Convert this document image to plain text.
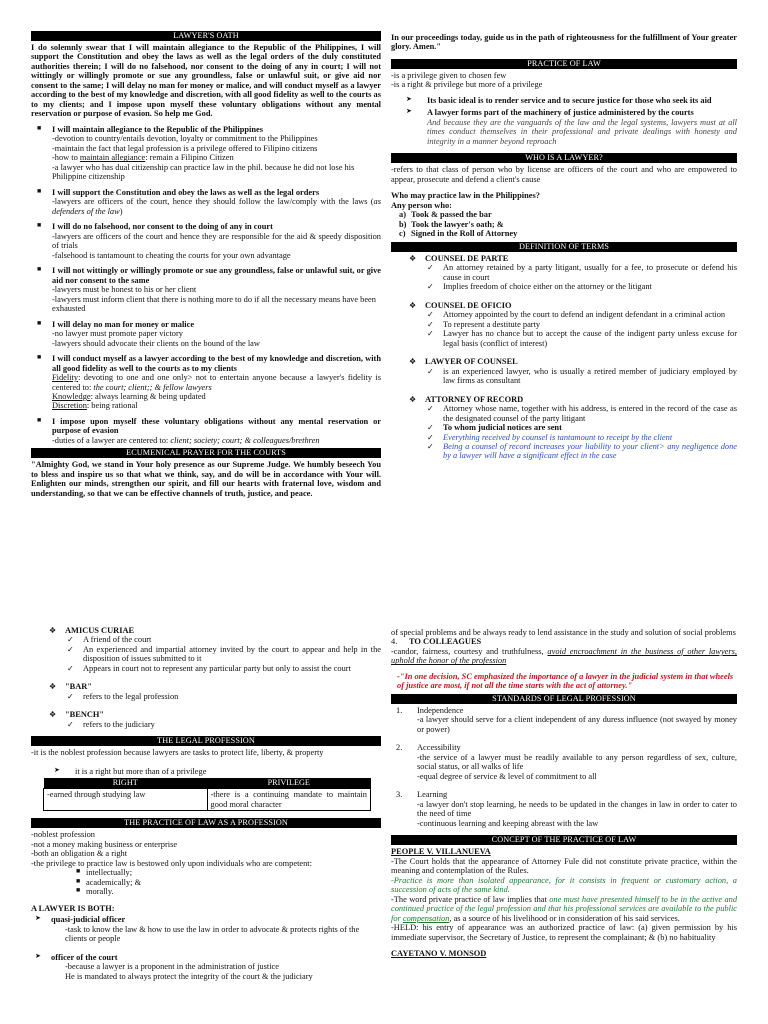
LAWYER'S OATH
I do solemnly swear that I will maintain allegiance to the Republic of the Philippines, I will support the Constitution and obey the laws as well as the legal orders of the duly constituted authorities therein; I will do no falsehood, nor consent to the doing of any in court; I will not wittingly or willingly promote or sue any groundless, false or unlawful suit, or give aid nor consent to the same; I will delay no man for money or malice, and will conduct myself as a lawyer according to the best of my knowledge and discretion, with all good fidelity as well to the courts as to my clients; and I impose upon myself these voluntary obligations without any mental reservation or purpose of evasion. So help me God.
■ I will maintain allegiance to the Republic of the Philippines
-devotion to country/entails devotion, loyalty or commitment to the Philippines
-maintain the fact that legal profession is a privilege offered to Filipino citizens
-how to maintain allegiance: remain a Filipino Citizen
-a lawyer who has dual citizenship can practice law in the phil. because he did not lose his Philippine citizenship
■ I will support the Constitution and obey the laws as well as the legal orders
-lawyers are officers of the court, hence they should follow the law/comply with the laws (as defenders of the law)
■ I will do no falsehood, nor consent to the doing of any in court
-lawyers are officers of the court and hence they are responsible for the aid & speedy disposition of trials
-falsehood is tantamount to cheating the courts for your own advantage
■ I will not wittingly or willingly promote or sue any groundless, false or unlawful suit, or give aid nor consent to the same
-lawyers must be honest to his or her client
-lawyers must inform client that there is nothing more to do if all the necessary means have been exhausted
■ I will delay no man for money or malice
-no lawyer must promote paper victory
-lawyers should advocate their clients on the bound of the law
■ I will conduct myself as a lawyer according to the best of my knowledge and discretion, with all good fidelity as well to the courts as to my clients
Fidelity: devoting to one and one only> not to entertain anyone because a lawyer's fidelity is centered to: the court; client;; & fellow lawyers
Knowledge: always learning & being updated
Discretion: being rational
■ I impose upon myself these voluntary obligations without any mental reservation or purpose of evasion
-duties of a lawyer are centered to: client; society; court; & colleagues/brethren
ECUMENICAL PRAYER FOR THE COURTS
"Almighty God, we stand in Your holy presence as our Supreme Judge. We humbly beseech You to bless and inspire us so that what we think, say, and do will be in accordance with Your will. Enlighten our minds, strengthen our spirit, and fill our hearts with fraternal love, wisdom and understanding, so that we can be effective channels of truth, justice, and peace.
In our proceedings today, guide us in the path of righteousness for the fulfillment of Your greater glory. Amen."
PRACTICE OF LAW
-is a privilege given to chosen few
-is a right & privilege but more of a privilege
➤ Its basic ideal is to render service and to secure justice for those who seek its aid
➤ A lawyer forms part of the machinery of justice administered by the courts
And because they are the vanguards of the law and the legal systems, lawyers must at all times conduct themselves in their professional and private dealings with honesty and integrity in a manner beyond reproach
WHO IS A LAWYER?
-refers to that class of person who by license are officers of the court and who are empowered to appear, prosecute and defend a client's cause
Who may practice law in the Philippines?
Any person who:
a) Took & passed the bar
b) Took the lawyer's oath; &
c) Signed in the Roll of Attorney
DEFINITION OF TERMS
❖ COUNSEL DE PARTE
✓ An attorney retained by a party litigant, usually for a fee, to prosecute or defend his cause in court
✓ Implies freedom of choice either on the attorney or the litigant
❖ COUNSEL DE OFICIO
✓ Attorney appointed by the court to defend an indigent defendant in a criminal action
✓ To represent a destitute party
✓ Lawyer has no chance but to accept the cause of the indigent party unless excuse for legal basis (conflict of interest)
❖ LAWYER OF COUNSEL
✓ is an experienced lawyer, who is usually a retired member of judiciary employed by law firms as consultant
❖ ATTORNEY OF RECORD
✓ Attorney whose name, together with his address, is entered in the record of the case as the designated counsel of the party litigant
✓ To whom judicial notices are sent
✓ Everything received by counsel is tantamount to receipt by the client
✓ Being a counsel of record increases your liability to your client> any negligence done by a lawyer will have a significant effect in the case
❖ AMICUS CURIAE
✓ A friend of the court
✓ An experienced and impartial attorney invited by the court to appear and help in the disposition of issues submitted to it
✓ Appears in court not to represent any particular party but only to assist the court
❖ "BAR"
✓ refers to the legal profession
❖ "BENCH"
✓ refers to the judiciary
THE LEGAL PROFESSION
-it is the noblest profession because lawyers are tasks to protect life, liberty, & property
➤ it is a right but more than of a privilege
RIGHT	PRIVILEGE
-earned through studying law	-there is a continuing mandate to maintain good moral character
THE PRACTICE OF LAW AS A PROFESSION
-noblest profession
-not a money making business or enterprise
-both an obligation & a right
-the privilege to practice law is bestowed only upon individuals who are competent:
■ intellectually;
■ academically; &
■ morally.
A LAWYER IS BOTH:
➤ quasi-judicial officer
-task to know the law & how to use the law in order to advocate & protects rights of the clients or people
➤ officer of the court
-because a lawyer is a proponent in the administration of justice
He is mandated to always protect the integrity of the court & the judiciary
of special problems and be always ready to lend assistance in the study and solution of social problems
4. TO COLLEAGUES
-candor, fairness, courtesy and truthfulness, avoid encroachment in the business of other lawyers, uphold the honor of the profession
-"In one decision, SC emphasized the importance of a lawyer in the judicial system in that wheels of justice are most, if not all the time starts with the act of attorney."
STANDARDS OF LEGAL PROFESSION
1. Independence
-a lawyer should serve for a client independent of any duress influence (not swayed by money or power)
2. Accessibility
-the service of a lawyer must be readily available to any person regardless of sex, culture, social status, or all walks of life
-equal degree of service & level of commitment to all
3. Learning
-a lawyer don't stop learning, he needs to be updated in the changes in law in order to cater to the need of time
-continuous learning and keeping abreast with the law
CONCEPT OF THE PRACTICE OF LAW
PEOPLE V. VILLANUEVA
-The Court holds that the appearance of Attorney Fule did not constitute private practice, within the meaning and contemplation of the Rules.
-Practice is more than isolated appearance, for it consists in frequent or customary action, a succession of acts of the same kind.
-The word private practice of law implies that one must have presented himself to be in the active and continued practice of the legal profession and that his professional services are available to the public for compensation, as a source of his livelihood or in consideration of his said services.
-HELD: his entry of appearance was an authorized practice of law: (a) given permission by his immediate supervisor, the Secretary of Justice, to represent the complainant; & (b) no habituality
CAYETANO V. MONSOD
